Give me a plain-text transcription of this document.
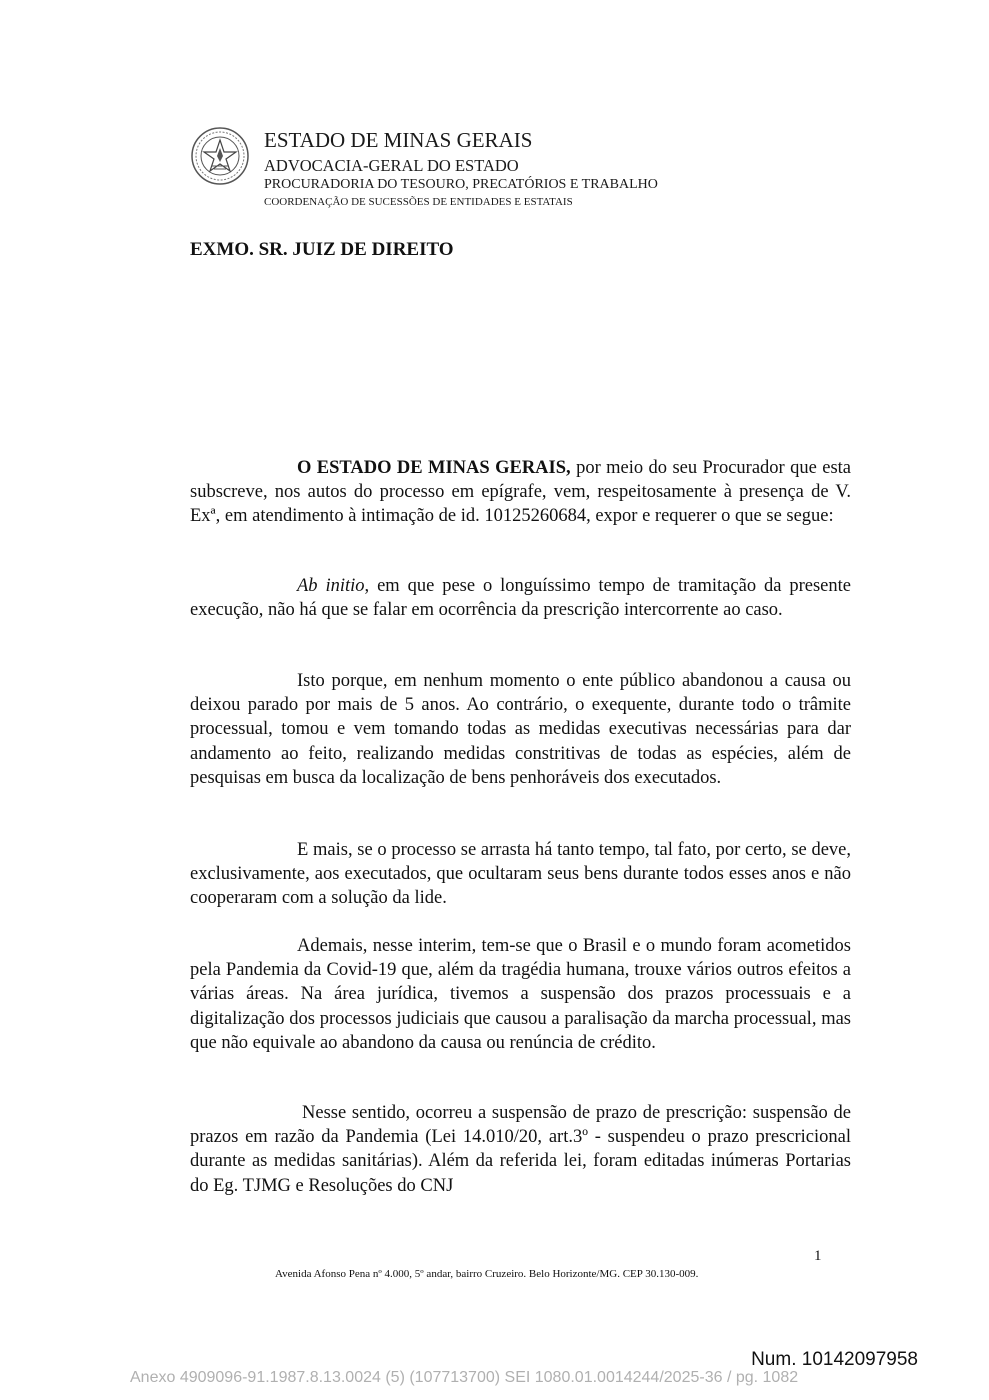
ESTADO DE MINAS GERAIS
ADVOCACIA-GERAL DO ESTADO
PROCURADORIA DO TESOURO, PRECATÓRIOS E TRABALHO
COORDENAÇÃO DE SUCESSÕES DE ENTIDADES E ESTATAIS
EXMO. SR. JUIZ DE DIREITO
O ESTADO DE MINAS GERAIS, por meio do seu Procurador que esta subscreve, nos autos do processo em epígrafe, vem, respeitosamente à presença de V. Exª, em atendimento à intimação de id. 10125260684, expor e requerer o que se segue:
Ab initio, em que pese o longuíssimo tempo de tramitação da presente execução, não há que se falar em ocorrência da prescrição intercorrente ao caso.
Isto porque, em nenhum momento o ente público abandonou a causa ou deixou parado por mais de 5 anos. Ao contrário, o exequente, durante todo o trâmite processual, tomou e vem tomando todas as medidas executivas necessárias para dar andamento ao feito, realizando medidas constritivas de todas as espécies, além de pesquisas em busca da localização de bens penhoráveis dos executados.
E mais, se o processo se arrasta há tanto tempo, tal fato, por certo, se deve, exclusivamente, aos executados, que ocultaram seus bens durante todos esses anos e não cooperaram com a solução da lide.
Ademais, nesse interim, tem-se que o Brasil e o mundo foram acometidos pela Pandemia da Covid-19 que, além da tragédia humana, trouxe vários outros efeitos a várias áreas. Na área jurídica, tivemos a suspensão dos prazos processuais e a digitalização dos processos judiciais que causou a paralisação da marcha processual, mas que não equivale ao abandono da causa ou renúncia de crédito.
Nesse sentido, ocorreu a suspensão de prazo de prescrição: suspensão de prazos em razão da Pandemia (Lei 14.010/20, art.3º - suspendeu o prazo prescricional durante as medidas sanitárias). Além da referida lei, foram editadas inúmeras Portarias do Eg. TJMG e Resoluções do CNJ
1
Avenida Afonso Pena nº 4.000, 5º andar, bairro Cruzeiro. Belo Horizonte/MG. CEP 30.130-009.
Num. 10142097958
Anexo 4909096-91.1987.8.13.0024 (5) (107713700) SEI 1080.01.0014244/2025-36 / pg. 1082
